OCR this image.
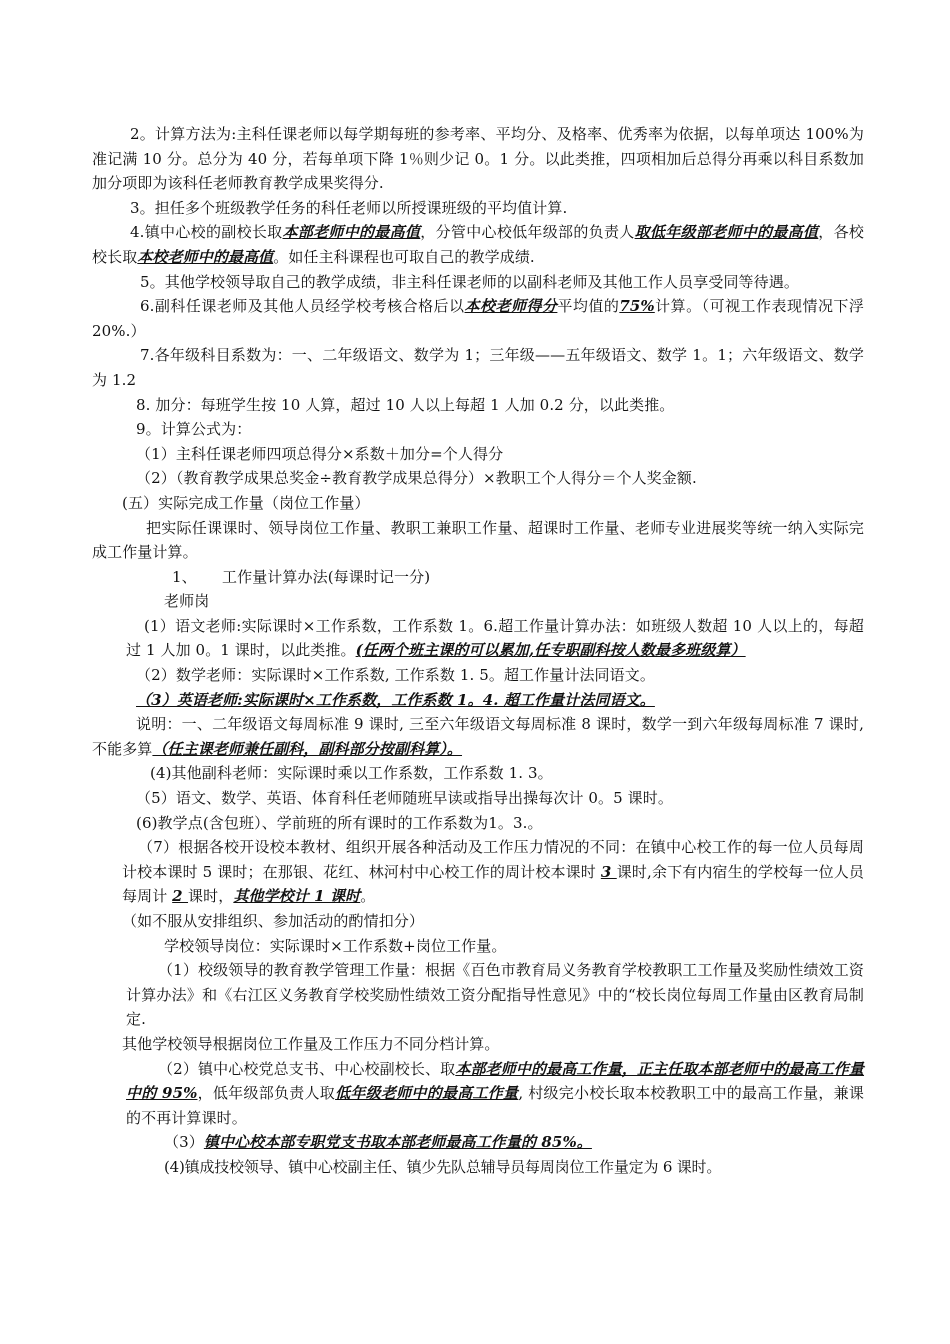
2。计算方法为:主科任课老师以每学期每班的参考率、平均分、及格率、优秀率为依据，以每单项达 100%为准记满 10 分。总分为 40 分，若每单项下降 1％则少记 0。1 分。以此类推，四项相加后总得分再乘以科目系数加加分项即为该科任老师教育教学成果奖得分.

3。担任多个班级教学任务的科任老师以所授课班级的平均值计算.

4.镇中心校的副校长取本部老师中的最高值，分管中心校低年级部的负责人取低年级部老师中的最高值，各校校长取本校老师中的最高值。如任主科课程也可取自己的教学成绩.

5。其他学校领导取自己的教学成绩，非主科任课老师的以副科老师及其他工作人员享受同等待遇。

6.副科任课老师及其他人员经学校考核合格后以本校老师得分平均值的75%计算。（可视工作表现情况下浮 20%.）

7.各年级科目系数为：一、二年级语文、数学为 1；三年级——五年级语文、数学 1。1；六年级语文、数学为 1.2

8. 加分：每班学生按 10 人算，超过 10 人以上每超 1 人加 0.2 分，以此类推。

9。计算公式为：

（1）主科任课老师四项总得分×系数＋加分=个人得分

（2）（教育教学成果总奖金÷教育教学成果总得分）×教职工个人得分＝个人奖金额.

(五）实际完成工作量（岗位工作量）

把实际任课课时、领导岗位工作量、教职工兼职工作量、超课时工作量、老师专业进展奖等统一纳入实际完成工作量计算。

1、 工作量计算办法(每课时记一分)

老师岗

(1）语文老师:实际课时×工作系数，工作系数 1。6.超工作量计算办法：如班级人数超 10 人以上的，每超过 1 人加 0。1 课时，以此类推。(任两个班主课的可以累加,任专职副科按人数最多班级算）

（2）数学老师：实际课时×工作系数, 工作系数 1. 5。超工作量计法同语文。

（3）英语老师:实际课时×工作系数，工作系数 1。4. 超工作量计法同语文。

说明：一、二年级语文每周标准 9 课时, 三至六年级语文每周标准 8 课时，数学一到六年级每周标准 7 课时, 不能多算（任主课老师兼任副科，副科部分按副科算）。

(4)其他副科老师：实际课时乘以工作系数，工作系数 1. 3。

（5）语文、数学、英语、体育科任老师随班早读或指导出操每次计 0。5 课时。

(6)教学点(含包班）、学前班的所有课时的工作系数为1。3.。

（7）根据各校开设校本教材、组织开展各种活动及工作压力情况的不同：在镇中心校工作的每一位人员每周计校本课时 5 课时；在那银、花红、林河村中心校工作的周计校本课时 3 课时,余下有内宿生的学校每一位人员每周计 2 课时，其他学校计 1 课时。

（如不服从安排组织、参加活动的酌情扣分）

学校领导岗位：实际课时×工作系数+岗位工作量。

（1）校级领导的教育教学管理工作量：根据《百色市教育局义务教育学校教职工工作量及奖励性绩效工资计算办法》和《右江区义务教育学校奖励性绩效工资分配指导性意见》中的“校长岗位每周工作量由区教育局制定.

其他学校领导根据岗位工作量及工作压力不同分档计算。

（2）镇中心校党总支书、中心校副校长、取本部老师中的最高工作量，正主任取本部老师中的最高工作量中的 95%，低年级部负责人取低年级老师中的最高工作量, 村级完小校长取本校教职工中的最高工作量，兼课的不再计算课时。

（3）镇中心校本部专职党支书取本部老师最高工作量的 85%。

(4)镇成技校领导、镇中心校副主任、镇少先队总辅导员每周岗位工作量定为 6 课时。
